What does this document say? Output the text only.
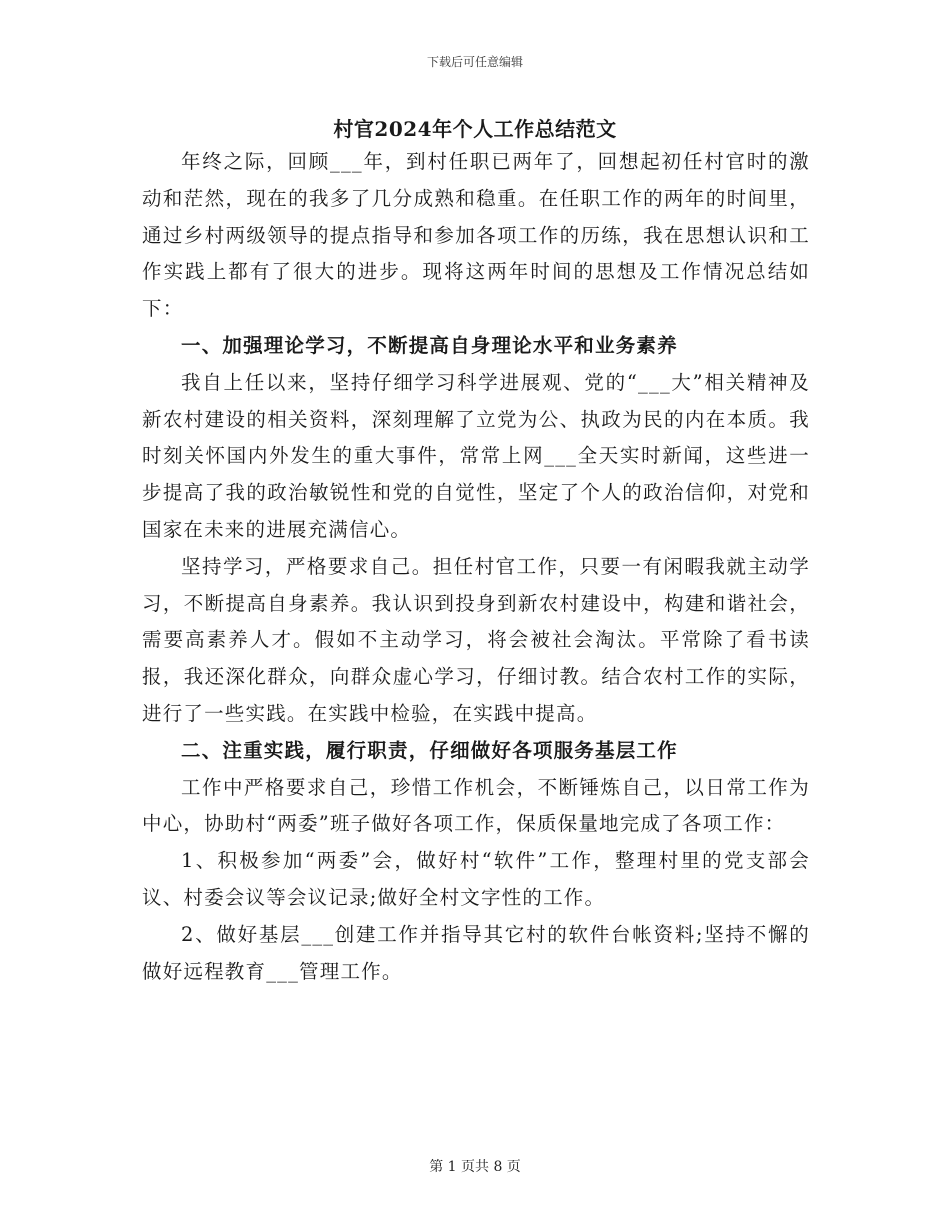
下载后可任意编辑
村官2024年个人工作总结范文

年终之际，回顾___年，到村任职已两年了，回想起初任村官时的激动和茫然，现在的我多了几分成熟和稳重。在任职工作的两年的时间里，通过乡村两级领导的提点指导和参加各项工作的历练，我在思想认识和工作实践上都有了很大的进步。现将这两年时间的思想及工作情况总结如下：

一、加强理论学习，不断提高自身理论水平和业务素养

我自上任以来，坚持仔细学习科学进展观、党的“___大”相关精神及新农村建设的相关资料，深刻理解了立党为公、执政为民的内在本质。我时刻关怀国内外发生的重大事件，常常上网___全天实时新闻，这些进一步提高了我的政治敏锐性和党的自觉性，坚定了个人的政治信仰，对党和国家在未来的进展充满信心。

坚持学习，严格要求自己。担任村官工作，只要一有闲暇我就主动学习，不断提高自身素养。我认识到投身到新农村建设中，构建和谐社会，需要高素养人才。假如不主动学习，将会被社会淘汰。平常除了看书读报，我还深化群众，向群众虚心学习，仔细讨教。结合农村工作的实际，进行了一些实践。在实践中检验，在实践中提高。

二、注重实践，履行职责，仔细做好各项服务基层工作

工作中严格要求自己，珍惜工作机会，不断锤炼自己，以日常工作为中心，协助村“两委”班子做好各项工作，保质保量地完成了各项工作：

1、积极参加“两委”会，做好村“软件”工作，整理村里的党支部会议、村委会议等会议记录;做好全村文字性的工作。

2、做好基层___创建工作并指导其它村的软件台帐资料;坚持不懈的做好远程教育___管理工作。

第 1 页共 8 页
